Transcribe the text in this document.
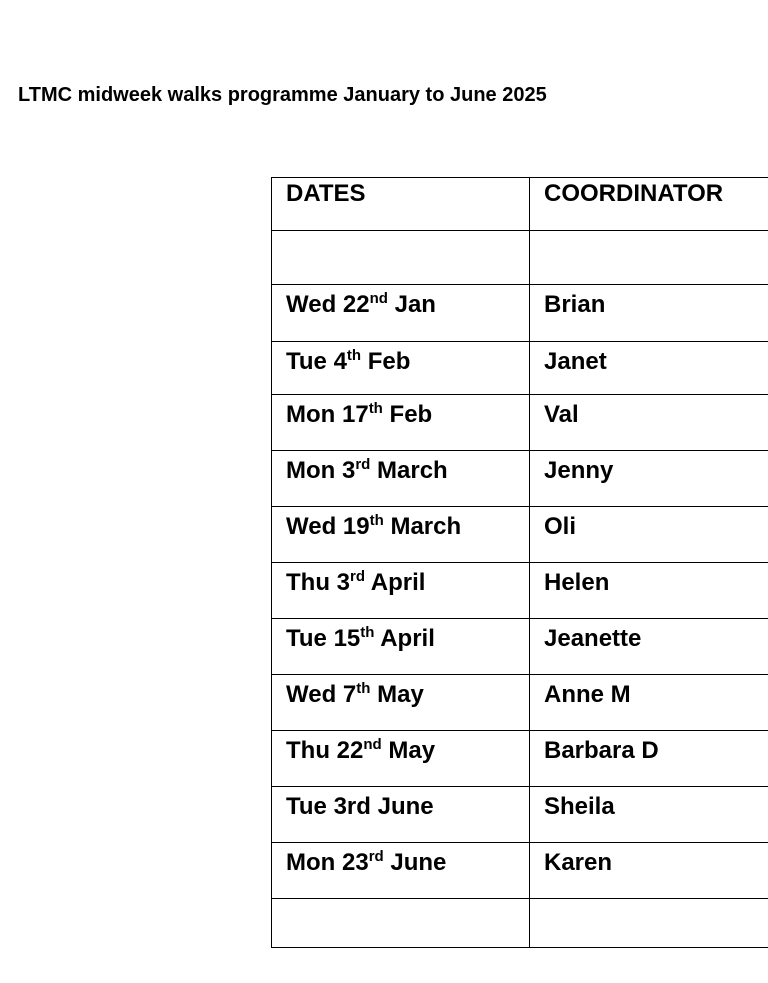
LTMC midweek walks programme January to June 2025
DATES	COORDINATOR

Wed 22nd Jan	Brian
Tue 4th Feb	Janet
Mon 17th Feb	Val
Mon 3rd March	Jenny
Wed 19th March	Oli
Thu 3rd April	Helen
Tue 15th April	Jeanette
Wed 7th May	Anne M
Thu 22nd May	Barbara D
Tue 3rd June	Sheila
Mon 23rd June	Karen
